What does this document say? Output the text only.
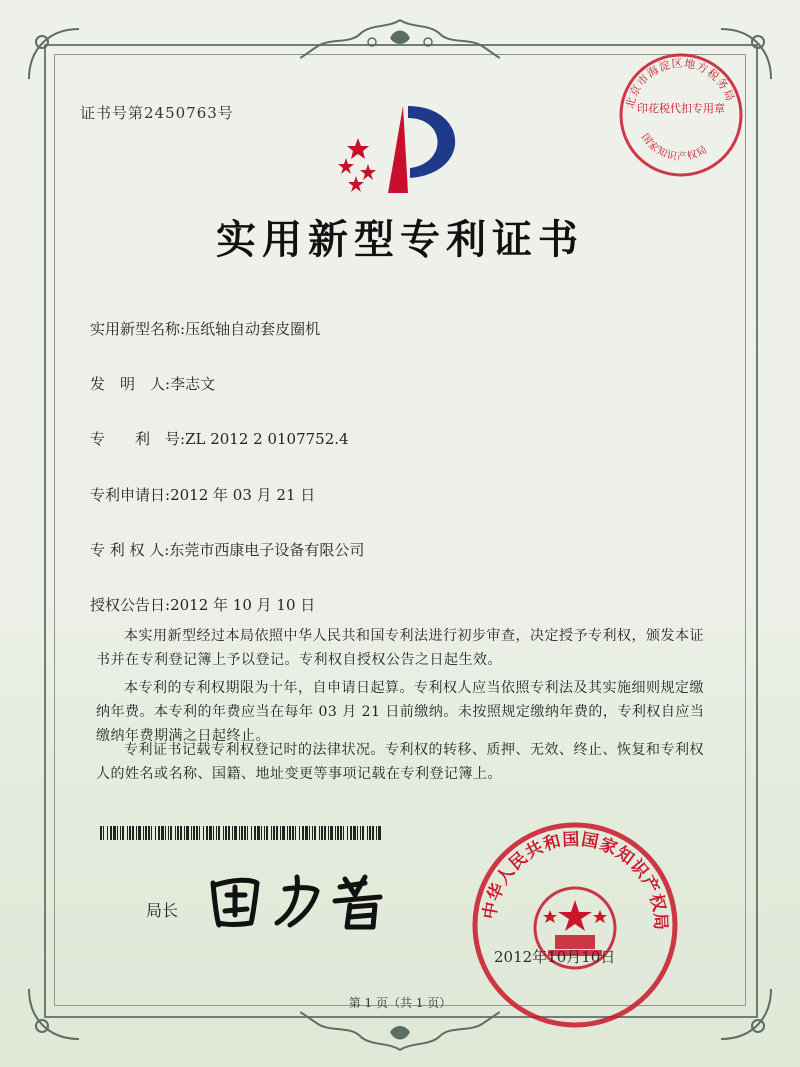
证书号第2450763号
实用新型专利证书
实用新型名称:压纸轴自动套皮圈机
发　明　人:李志文
专　　利　号:ZL 2012 2 0107752.4
专利申请日:2012 年 03 月 21 日
专 利 权 人:东莞市西康电子设备有限公司
授权公告日:2012 年 10 月 10 日

本实用新型经过本局依照中华人民共和国专利法进行初步审查，决定授予专利权，颁发本证书并在专利登记簿上予以登记。专利权自授权公告之日起生效。

本专利的专利权期限为十年，自申请日起算。专利权人应当依照专利法及其实施细则规定缴纳年费。本专利的年费应当在每年 03 月 21 日前缴纳。未按照规定缴纳年费的，专利权自应当缴纳年费期满之日起终止。

专利证书记载专利权登记时的法律状况。专利权的转移、质押、无效、终止、恢复和专利权人的姓名或名称、国籍、地址变更等事项记载在专利登记簿上。

局长	中华人民共和国国家知识产权局
2012年10月10日
北京市海淀区地方税务局
印花税代扣专用章
国家知识产权局
第 1 页（共 1 页）
